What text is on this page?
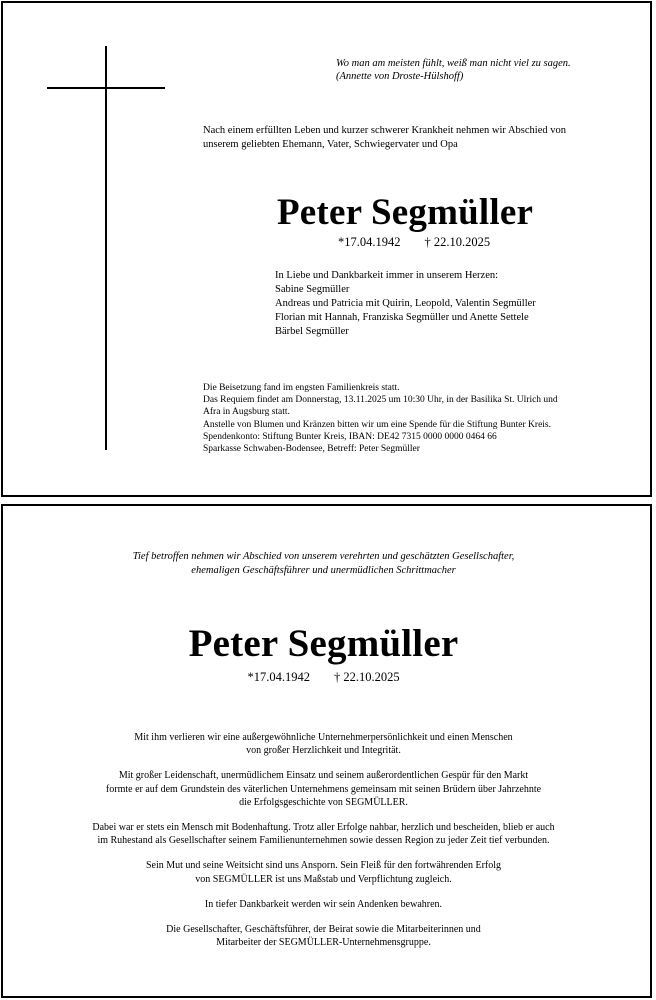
Wo man am meisten fühlt, weiß man nicht viel zu sagen.
(Annette von Droste-Hülshoff)
Nach einem erfüllten Leben und kurzer schwerer Krankheit nehmen wir Abschied von
unserem geliebten Ehemann, Vater, Schwiegervater und Opa
Peter Segmüller
*17.04.1942 † 22.10.2025
In Liebe und Dankbarkeit immer in unserem Herzen:
Sabine Segmüller
Andreas und Patricia mit Quirin, Leopold, Valentin Segmüller
Florian mit Hannah, Franziska Segmüller und Anette Settele
Bärbel Segmüller
Die Beisetzung fand im engsten Familienkreis statt.
Das Requiem findet am Donnerstag, 13.11.2025 um 10:30 Uhr, in der Basilika St. Ulrich und
Afra in Augsburg statt.
Anstelle von Blumen und Kränzen bitten wir um eine Spende für die Stiftung Bunter Kreis.
Spendenkonto: Stiftung Bunter Kreis, IBAN: DE42 7315 0000 0000 0464 66
Sparkasse Schwaben-Bodensee, Betreff: Peter Segmüller
Tief betroffen nehmen wir Abschied von unserem verehrten und geschätzten Gesellschafter,
ehemaligen Geschäftsführer und unermüdlichen Schrittmacher
Peter Segmüller
*17.04.1942 † 22.10.2025
Mit ihm verlieren wir eine außergewöhnliche Unternehmerpersönlichkeit und einen Menschen
von großer Herzlichkeit und Integrität.
Mit großer Leidenschaft, unermüdlichem Einsatz und seinem außerordentlichen Gespür für den Markt
formte er auf dem Grundstein des väterlichen Unternehmens gemeinsam mit seinen Brüdern über Jahrzehnte
die Erfolgsgeschichte von SEGMÜLLER.
Dabei war er stets ein Mensch mit Bodenhaftung. Trotz aller Erfolge nahbar, herzlich und bescheiden, blieb er auch
im Ruhestand als Gesellschafter seinem Familienunternehmen sowie dessen Region zu jeder Zeit tief verbunden.
Sein Mut und seine Weitsicht sind uns Ansporn. Sein Fleiß für den fortwährenden Erfolg
von SEGMÜLLER ist uns Maßstab und Verpflichtung zugleich.
In tiefer Dankbarkeit werden wir sein Andenken bewahren.
Die Gesellschafter, Geschäftsführer, der Beirat sowie die Mitarbeiterinnen und
Mitarbeiter der SEGMÜLLER-Unternehmensgruppe.
